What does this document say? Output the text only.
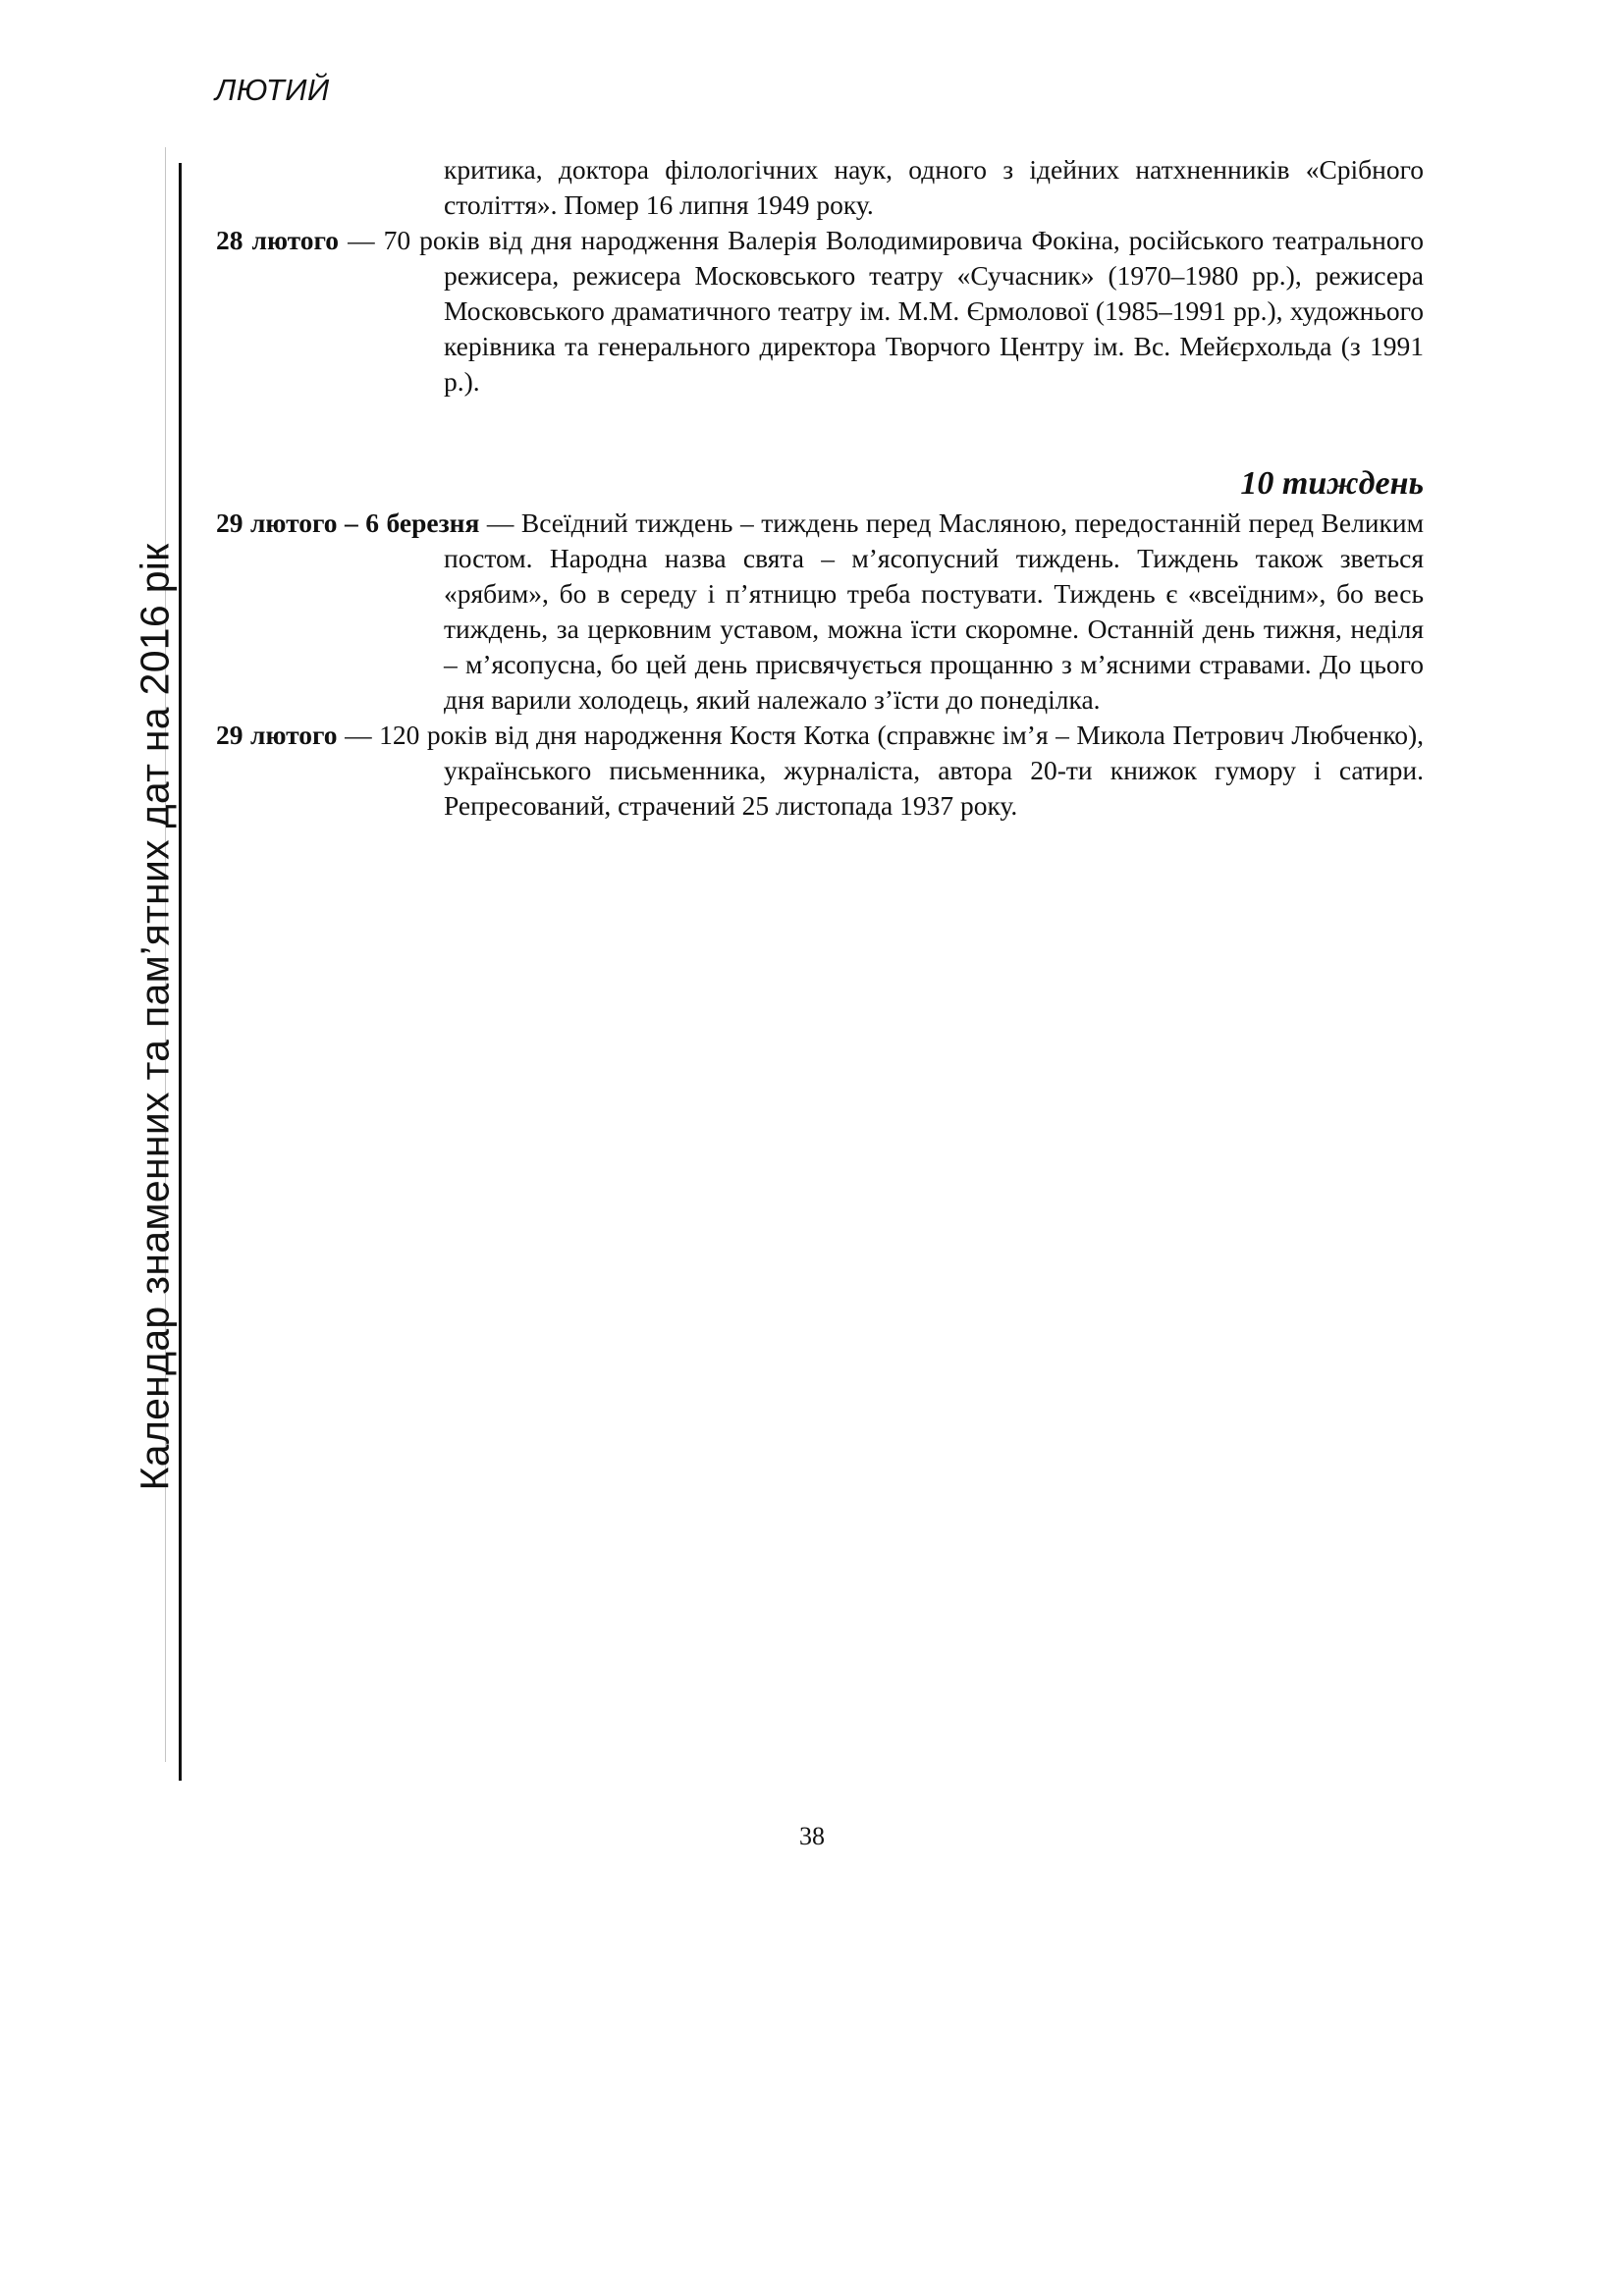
ЛЮТИЙ

Календар знаменних та пам’ятних дат на 2016 рік

критика, доктора філологічних наук, одного з ідейних натхненників «Срібного століття». Помер 16 липня 1949 року.

28 лютого — 70 років від дня народження Валерія Володимировича Фокіна, російського театрального режисера, режисера Московського театру «Сучасник» (1970–1980 рр.), режисера Московського драматичного театру ім. М.М. Єрмолової (1985–1991 рр.), художнього керівника та генерального директора Творчого Центру ім. Вс. Мейєрхольда (з 1991 р.).

10 тиждень

29 лютого – 6 березня — Всеїдний тиждень – тиждень перед Масляною, передостанній перед Великим постом. Народна назва свята – м’ясопусний тиждень. Тиждень також зветься «рябим», бо в середу і п’ятницю треба постувати. Тиждень є «всеїдним», бо весь тиждень, за церковним уставом, можна їсти скоромне. Останній день тижня, неділя – м’ясопусна, бо цей день присвячується прощанню з м’ясними стравами. До цього дня варили холодець, який належало з’їсти до понеділка.

29 лютого — 120 років від дня народження Костя Котка (справжнє ім’я – Микола Петрович Любченко), українського письменника, журналіста, автора 20-ти книжок гумору і сатири. Репресований, страчений 25 листопада 1937 року.

38
